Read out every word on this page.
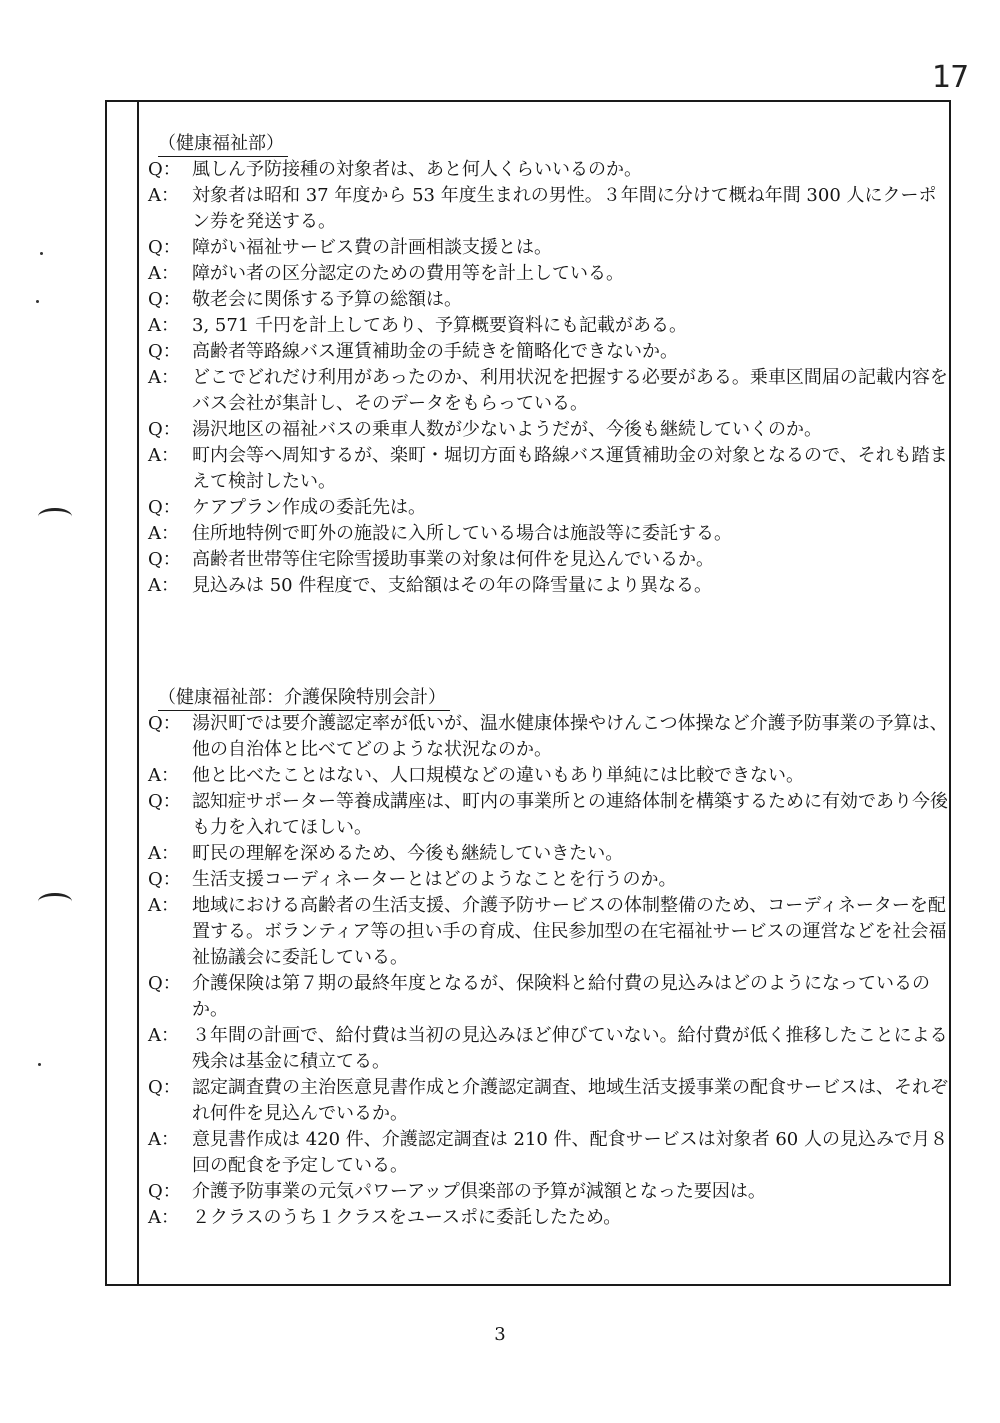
17
（健康福祉部）
Q： 風しん予防接種の対象者は、あと何人くらいいるのか。
A： 対象者は昭和 37 年度から 53 年度生まれの男性。３年間に分けて概ね年間 300 人にクーポン券を発送する。
Q： 障がい福祉サービス費の計画相談支援とは。
A： 障がい者の区分認定のための費用等を計上している。
Q： 敬老会に関係する予算の総額は。
A： 3, 571 千円を計上してあり、予算概要資料にも記載がある。
Q： 高齢者等路線バス運賃補助金の手続きを簡略化できないか。
A： どこでどれだけ利用があったのか、利用状況を把握する必要がある。乗車区間届の記載内容をバス会社が集計し、そのデータをもらっている。
Q： 湯沢地区の福祉バスの乗車人数が少ないようだが、今後も継続していくのか。
A： 町内会等へ周知するが、楽町・堀切方面も路線バス運賃補助金の対象となるので、それも踏まえて検討したい。
Q： ケアプラン作成の委託先は。
A： 住所地特例で町外の施設に入所している場合は施設等に委託する。
Q： 高齢者世帯等住宅除雪援助事業の対象は何件を見込んでいるか。
A： 見込みは 50 件程度で、支給額はその年の降雪量により異なる。
（健康福祉部：介護保険特別会計）
Q： 湯沢町では要介護認定率が低いが、温水健康体操やけんこつ体操など介護予防事業の予算は、他の自治体と比べてどのような状況なのか。
A： 他と比べたことはない、人口規模などの違いもあり単純には比較できない。
Q： 認知症サポーター等養成講座は、町内の事業所との連絡体制を構築するために有効であり今後も力を入れてほしい。
A： 町民の理解を深めるため、今後も継続していきたい。
Q： 生活支援コーディネーターとはどのようなことを行うのか。
A： 地域における高齢者の生活支援、介護予防サービスの体制整備のため、コーディネーターを配置する。ボランティア等の担い手の育成、住民参加型の在宅福祉サービスの運営などを社会福祉協議会に委託している。
Q： 介護保険は第７期の最終年度となるが、保険料と給付費の見込みはどのようになっているのか。
A： ３年間の計画で、給付費は当初の見込みほど伸びていない。給付費が低く推移したことによる残余は基金に積立てる。
Q： 認定調査費の主治医意見書作成と介護認定調査、地域生活支援事業の配食サービスは、それぞれ何件を見込んでいるか。
A： 意見書作成は 420 件、介護認定調査は 210 件、配食サービスは対象者 60 人の見込みで月８回の配食を予定している。
Q： 介護予防事業の元気パワーアップ倶楽部の予算が減額となった要因は。
A： ２クラスのうち１クラスをユースポに委託したため。
3
